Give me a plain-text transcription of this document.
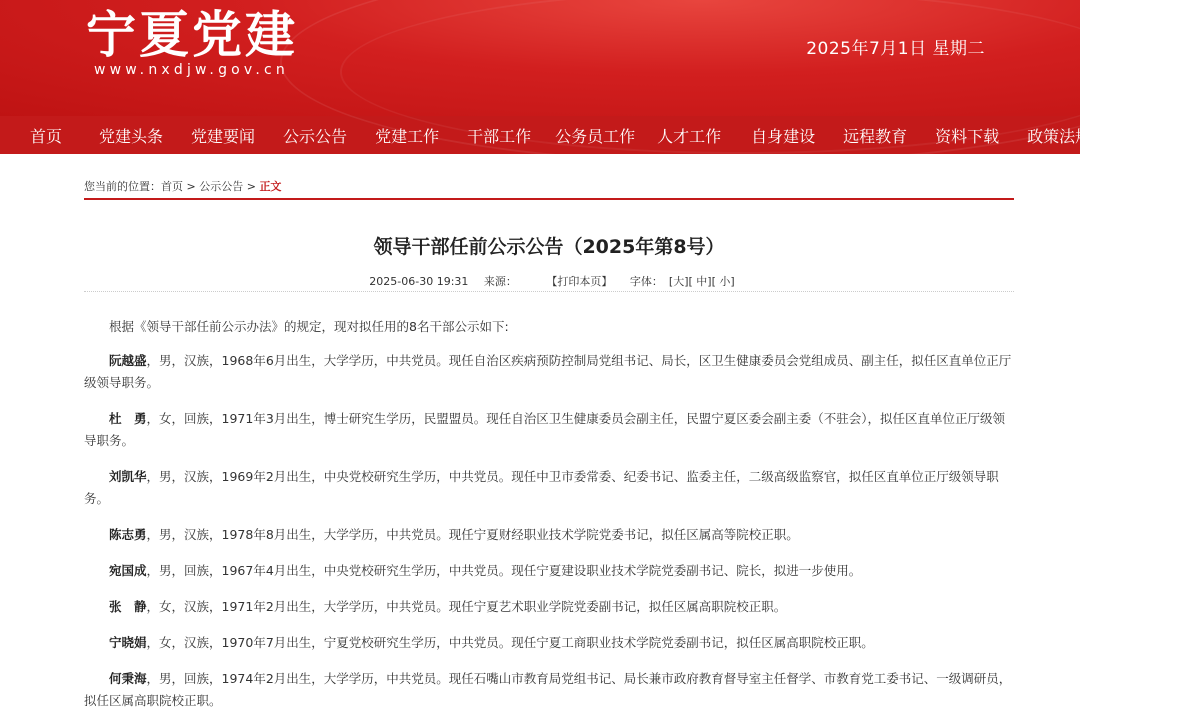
宁夏党建
www.nxdjw.gov.cn
2025年7月1日 星期二
首页 党建头条 党建要闻 公示公告 党建工作 干部工作 公务员工作 人才工作 自身建设 远程教育 资料下载 政策法规
您当前的位置：首页 > 公示公告 > 正文
领导干部任前公示公告（2025年第8号）
2025-06-30 19:31 来源：	【打印本页】 字体： [大][ 中][ 小]

根据《领导干部任前公示办法》的规定，现对拟任用的8名干部公示如下:

阮越盛，男，汉族，1968年6月出生，大学学历，中共党员。现任自治区疾病预防控制局党组书记、局长，区卫生健康委员会党组成员、副主任，拟任区直单位正厅级领导职务。

杜　勇，女，回族，1971年3月出生，博士研究生学历，民盟盟员。现任自治区卫生健康委员会副主任，民盟宁夏区委会副主委（不驻会），拟任区直单位正厅级领导职务。

刘凯华，男，汉族，1969年2月出生，中央党校研究生学历，中共党员。现任中卫市委常委、纪委书记、监委主任，二级高级监察官，拟任区直单位正厅级领导职务。

陈志勇，男，汉族，1978年8月出生，大学学历，中共党员。现任宁夏财经职业技术学院党委书记，拟任区属高等院校正职。

宛国成，男，回族，1967年4月出生，中央党校研究生学历，中共党员。现任宁夏建设职业技术学院党委副书记、院长，拟进一步使用。

张　静，女，汉族，1971年2月出生，大学学历，中共党员。现任宁夏艺术职业学院党委副书记，拟任区属高职院校正职。

宁晓娟，女，汉族，1970年7月出生，宁夏党校研究生学历，中共党员。现任宁夏工商职业技术学院党委副书记，拟任区属高职院校正职。

何秉海，男，回族，1974年2月出生，大学学历，中共党员。现任石嘴山市教育局党组书记、局长兼市政府教育督导室主任督学、市教育党工委书记、一级调研员，拟任区属高职院校正职。
